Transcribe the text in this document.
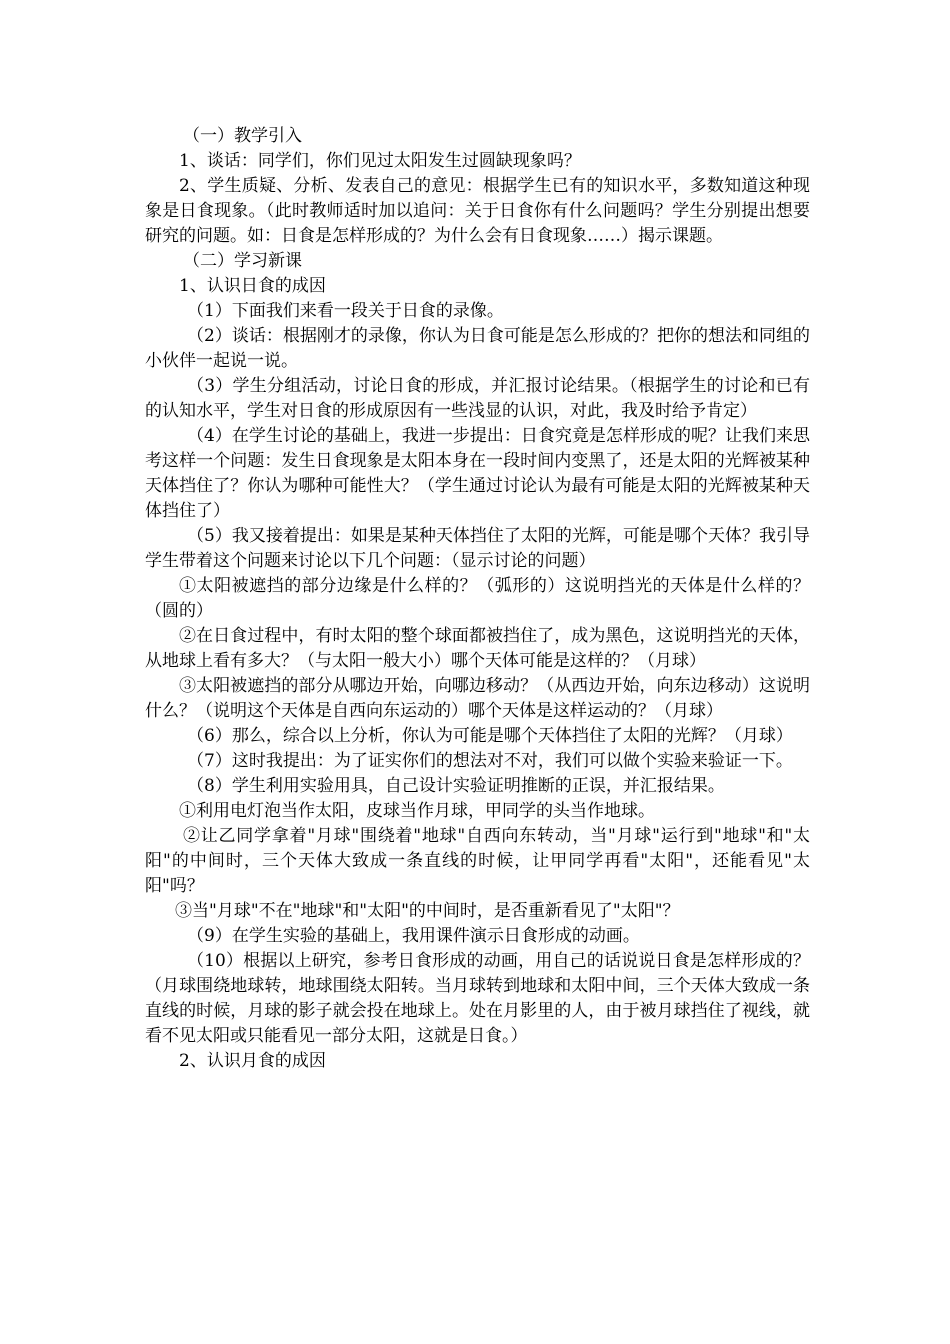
（一）教学引入

1、谈话：同学们，你们见过太阳发生过圆缺现象吗？

2、学生质疑、分析、发表自己的意见：根据学生已有的知识水平，多数知道这种现象是日食现象。（此时教师适时加以追问：关于日食你有什么问题吗？学生分别提出想要研究的问题。如：日食是怎样形成的？为什么会有日食现象……）揭示课题。

（二）学习新课

1、认识日食的成因

（1）下面我们来看一段关于日食的录像。

（2）谈话：根据刚才的录像，你认为日食可能是怎么形成的？把你的想法和同组的小伙伴一起说一说。

（3）学生分组活动，讨论日食的形成，并汇报讨论结果。（根据学生的讨论和已有的认知水平，学生对日食的形成原因有一些浅显的认识，对此，我及时给予肯定）

（4）在学生讨论的基础上，我进一步提出：日食究竟是怎样形成的呢？让我们来思考这样一个问题：发生日食现象是太阳本身在一段时间内变黑了，还是太阳的光辉被某种天体挡住了？你认为哪种可能性大？（学生通过讨论认为最有可能是太阳的光辉被某种天体挡住了）

（5）我又接着提出：如果是某种天体挡住了太阳的光辉，可能是哪个天体？我引导学生带着这个问题来讨论以下几个问题：（显示讨论的问题）

①太阳被遮挡的部分边缘是什么样的？（弧形的）这说明挡光的天体是什么样的？（圆的）

②在日食过程中，有时太阳的整个球面都被挡住了，成为黑色，这说明挡光的天体，从地球上看有多大？（与太阳一般大小）哪个天体可能是这样的？（月球）

③太阳被遮挡的部分从哪边开始，向哪边移动？（从西边开始，向东边移动）这说明什么？（说明这个天体是自西向东运动的）哪个天体是这样运动的？（月球）

（6）那么，综合以上分析，你认为可能是哪个天体挡住了太阳的光辉？（月球）

（7）这时我提出：为了证实你们的想法对不对，我们可以做个实验来验证一下。

（8）学生利用实验用具，自己设计实验证明推断的正误，并汇报结果。

①利用电灯泡当作太阳，皮球当作月球，甲同学的头当作地球。

②让乙同学拿着"月球"围绕着"地球"自西向东转动，当"月球"运行到"地球"和"太阳"的中间时，三个天体大致成一条直线的时候，让甲同学再看"太阳"，还能看见"太阳"吗？

③当"月球"不在"地球"和"太阳"的中间时，是否重新看见了"太阳"？

（9）在学生实验的基础上，我用课件演示日食形成的动画。

（10）根据以上研究，参考日食形成的动画，用自己的话说说日食是怎样形成的？（月球围绕地球转，地球围绕太阳转。当月球转到地球和太阳中间，三个天体大致成一条直线的时候，月球的影子就会投在地球上。处在月影里的人，由于被月球挡住了视线，就看不见太阳或只能看见一部分太阳，这就是日食。）

2、认识月食的成因
